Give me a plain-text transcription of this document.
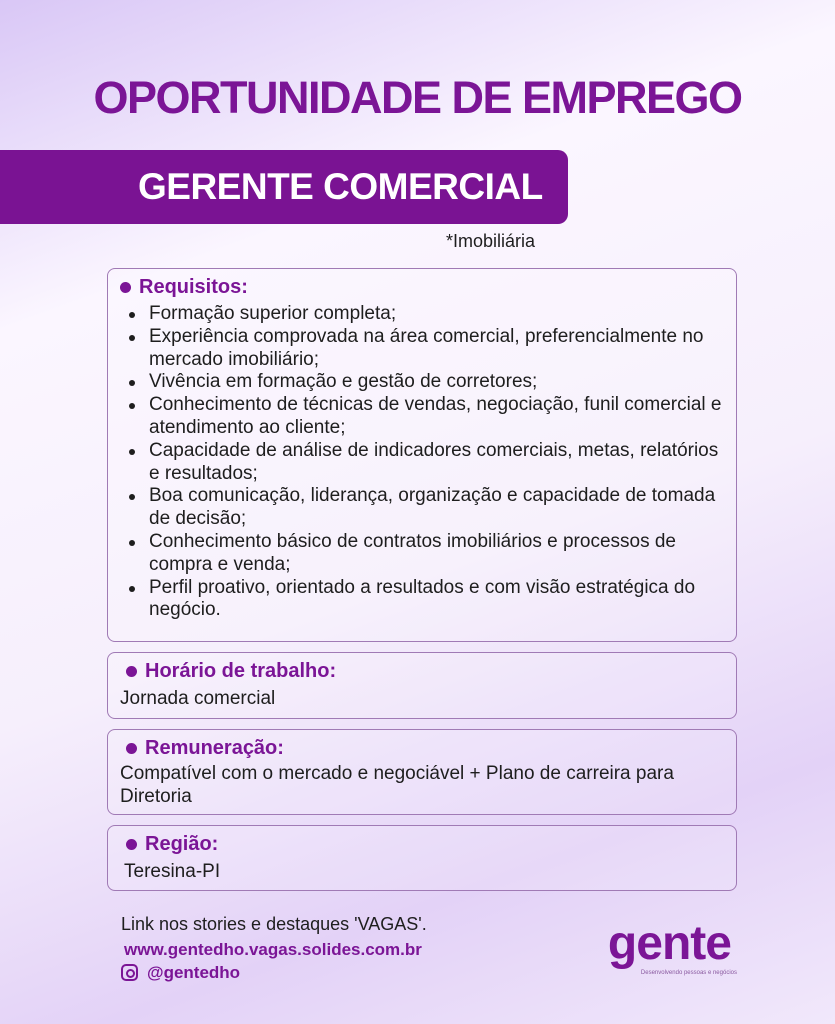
OPORTUNIDADE DE EMPREGO
GERENTE COMERCIAL
*Imobiliária
Requisitos:
Formação superior completa;
Experiência comprovada na área comercial, preferencialmente no mercado imobiliário;
Vivência em formação e gestão de corretores;
Conhecimento de técnicas de vendas, negociação, funil comercial e atendimento ao cliente;
Capacidade de análise de indicadores comerciais, metas, relatórios e resultados;
Boa comunicação, liderança, organização e capacidade de tomada de decisão;
Conhecimento básico de contratos imobiliários e processos de compra e venda;
Perfil proativo, orientado a resultados e com visão estratégica do negócio.
Horário de trabalho:
Jornada comercial
Remuneração:
Compatível com o mercado e negociável + Plano de carreira para Diretoria
Região:
Teresina-PI
Link nos stories e destaques 'VAGAS'.
www.gentedho.vagas.solides.com.br
@gentedho
gente
Desenvolvendo pessoas e negócios
